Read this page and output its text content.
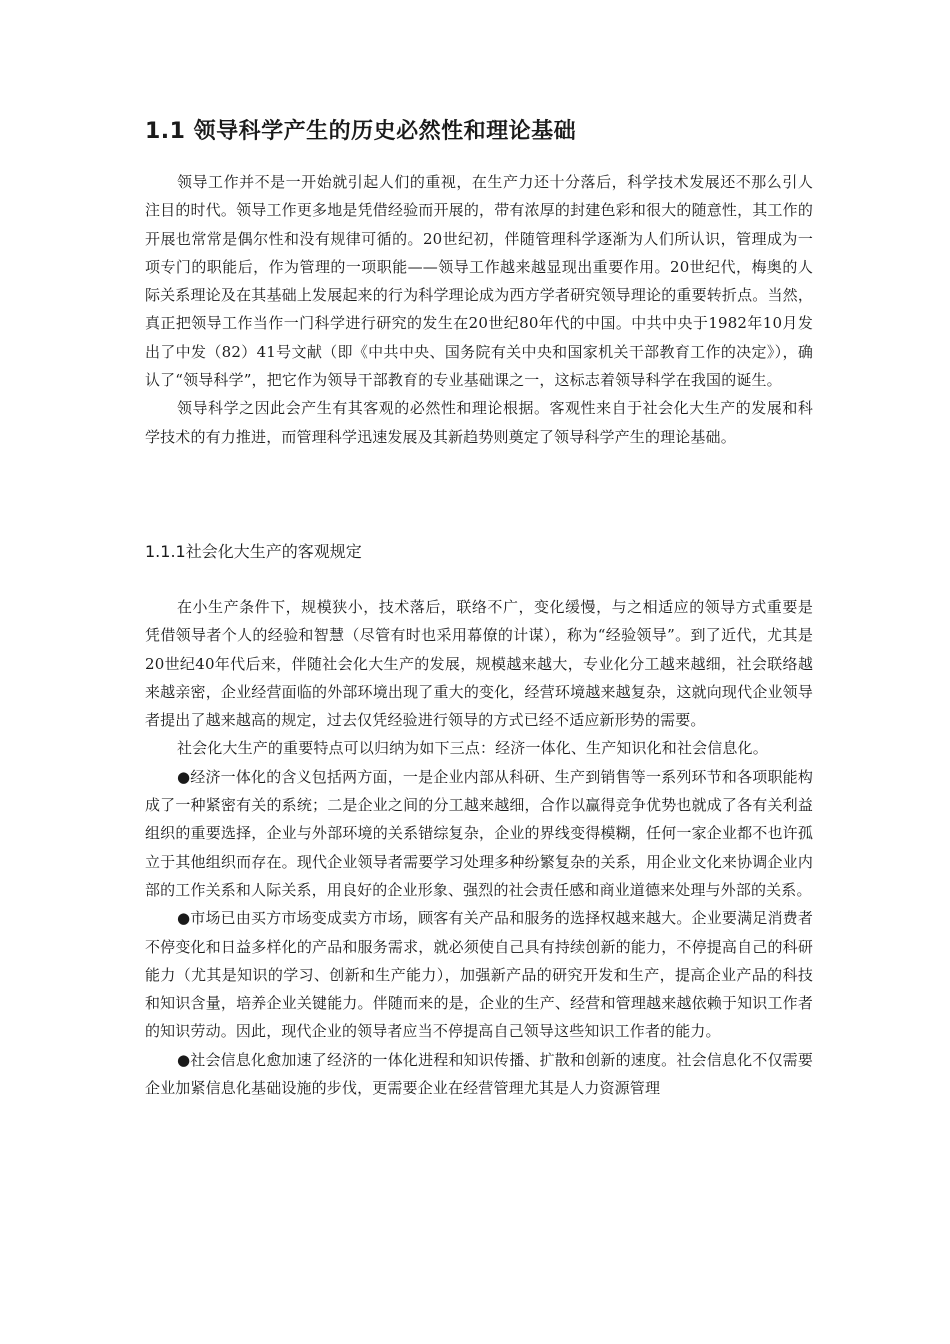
1.1 领导科学产生的历史必然性和理论基础

领导工作并不是一开始就引起人们的重视，在生产力还十分落后，科学技术发展还不那么引人注目的时代。领导工作更多地是凭借经验而开展的，带有浓厚的封建色彩和很大的随意性，其工作的开展也常常是偶尔性和没有规律可循的。20世纪初，伴随管理科学逐渐为人们所认识，管理成为一项专门的职能后，作为管理的一项职能——领导工作越来越显现出重要作用。20世纪代，梅奥的人际关系理论及在其基础上发展起来的行为科学理论成为西方学者研究领导理论的重要转折点。当然，真正把领导工作当作一门科学进行研究的发生在20世纪80年代的中国。中共中央于1982年10月发出了中发（82）41号文献（即《中共中央、国务院有关中央和国家机关干部教育工作的决定》），确认了“领导科学”，把它作为领导干部教育的专业基础课之一，这标志着领导科学在我国的诞生。

领导科学之因此会产生有其客观的必然性和理论根据。客观性来自于社会化大生产的发展和科学技术的有力推进，而管理科学迅速发展及其新趋势则奠定了领导科学产生的理论基础。

1.1.1社会化大生产的客观规定

在小生产条件下，规模狭小，技术落后，联络不广，变化缓慢，与之相适应的领导方式重要是凭借领导者个人的经验和智慧（尽管有时也采用幕僚的计谋），称为“经验领导”。到了近代，尤其是20世纪40年代后来，伴随社会化大生产的发展，规模越来越大，专业化分工越来越细，社会联络越来越亲密，企业经营面临的外部环境出现了重大的变化，经营环境越来越复杂，这就向现代企业领导者提出了越来越高的规定，过去仅凭经验进行领导的方式已经不适应新形势的需要。

社会化大生产的重要特点可以归纳为如下三点：经济一体化、生产知识化和社会信息化。

●经济一体化的含义包括两方面，一是企业内部从科研、生产到销售等一系列环节和各项职能构成了一种紧密有关的系统；二是企业之间的分工越来越细，合作以赢得竞争优势也就成了各有关利益组织的重要选择，企业与外部环境的关系错综复杂，企业的界线变得模糊，任何一家企业都不也许孤立于其他组织而存在。现代企业领导者需要学习处理多种纷繁复杂的关系，用企业文化来协调企业内部的工作关系和人际关系，用良好的企业形象、强烈的社会责任感和商业道德来处理与外部的关系。

●市场已由买方市场变成卖方市场，顾客有关产品和服务的选择权越来越大。企业要满足消费者不停变化和日益多样化的产品和服务需求，就必须使自己具有持续创新的能力，不停提高自己的科研能力（尤其是知识的学习、创新和生产能力），加强新产品的研究开发和生产，提高企业产品的科技和知识含量，培养企业关键能力。伴随而来的是，企业的生产、经营和管理越来越依赖于知识工作者的知识劳动。因此，现代企业的领导者应当不停提高自己领导这些知识工作者的能力。

●社会信息化愈加速了经济的一体化进程和知识传播、扩散和创新的速度。社会信息化不仅需要企业加紧信息化基础设施的步伐，更需要企业在经营管理尤其是人力资源管理
